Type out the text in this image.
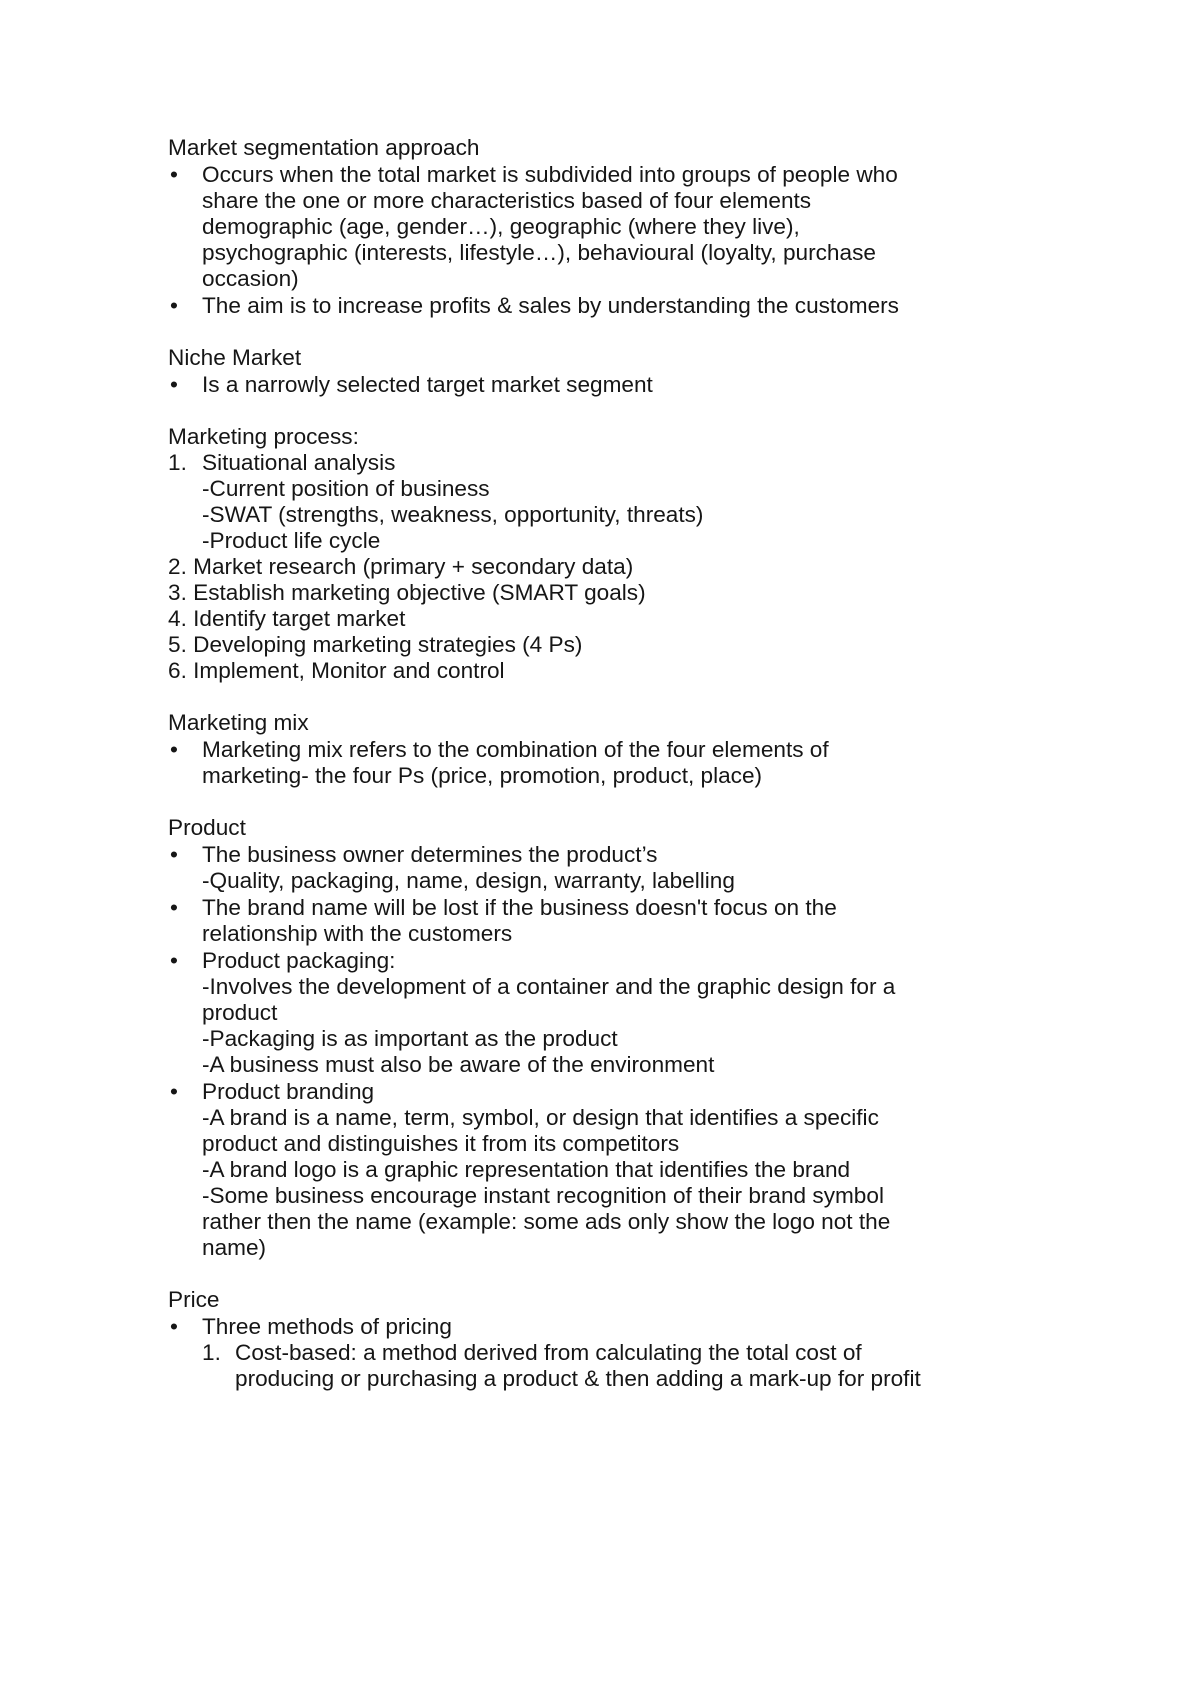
Market segmentation approach
• Occurs when the total market is subdivided into groups of people who
share the one or more characteristics based of four elements
demographic (age, gender…), geographic (where they live),
psychographic (interests, lifestyle…), behavioural (loyalty, purchase
occasion)
• The aim is to increase profits & sales by understanding the customers
Niche Market
• Is a narrowly selected target market segment
Marketing process:
1. Situational analysis
-Current position of business
-SWAT (strengths, weakness, opportunity, threats)
-Product life cycle
2. Market research (primary + secondary data)
3. Establish marketing objective (SMART goals)
4. Identify target market
5. Developing marketing strategies (4 Ps)
6. Implement, Monitor and control
Marketing mix
• Marketing mix refers to the combination of the four elements of
marketing- the four Ps (price, promotion, product, place)
Product
• The business owner determines the product’s
-Quality, packaging, name, design, warranty, labelling
• The brand name will be lost if the business doesn't focus on the
relationship with the customers
• Product packaging:
-Involves the development of a container and the graphic design for a
product
-Packaging is as important as the product
-A business must also be aware of the environment
• Product branding
-A brand is a name, term, symbol, or design that identifies a specific
product and distinguishes it from its competitors
-A brand logo is a graphic representation that identifies the brand
-Some business encourage instant recognition of their brand symbol
rather then the name (example: some ads only show the logo not the
name)
Price
• Three methods of pricing
1. Cost-based: a method derived from calculating the total cost of
producing or purchasing a product & then adding a mark-up for profit
